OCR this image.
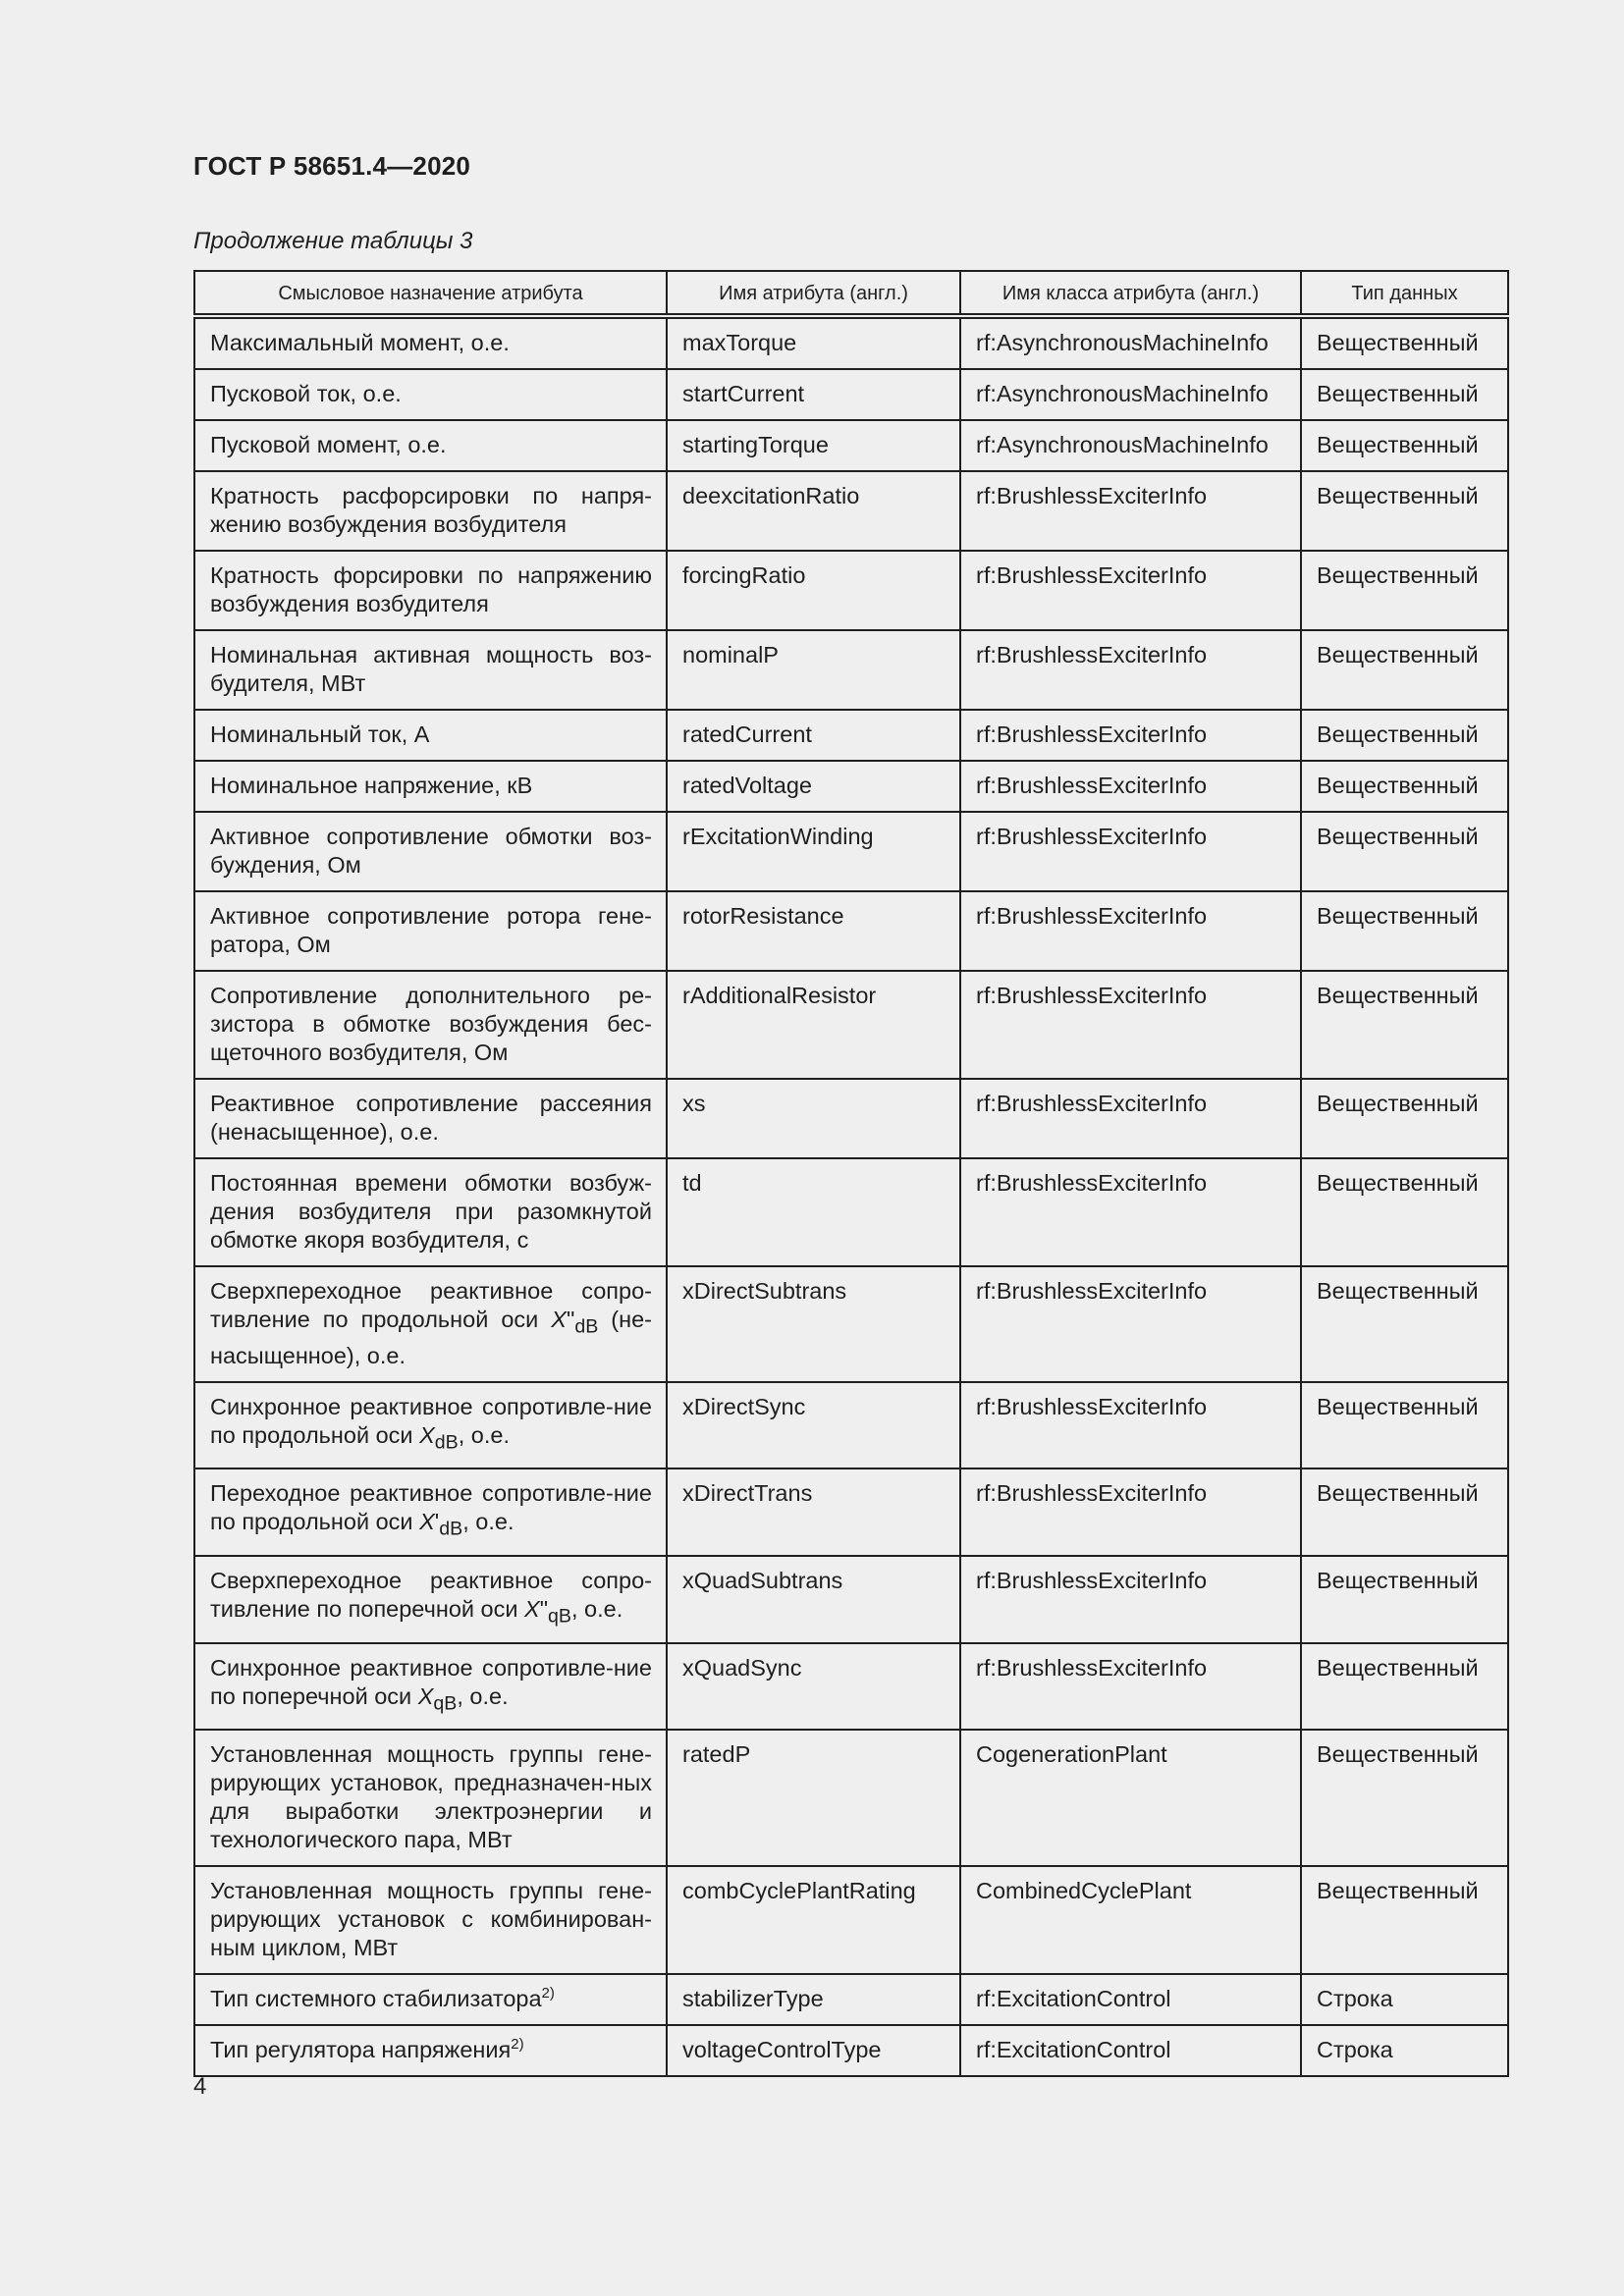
ГОСТ Р 58651.4—2020
Продолжение таблицы 3
Смысловое назначение атрибута	Имя атрибута (англ.)	Имя класса атрибута (англ.)	Тип данных
Максимальный момент, о.е.	maxTorque	rf:AsynchronousMachineInfo	Вещественный
Пусковой ток, о.е.	startCurrent	rf:AsynchronousMachineInfo	Вещественный
Пусковой момент, о.е.	startingTorque	rf:AsynchronousMachineInfo	Вещественный
Кратность расфорсировки по напря-жению возбуждения возбудителя	deexcitationRatio	rf:BrushlessExciterInfo	Вещественный
Кратность форсировки по напряжению возбуждения возбудителя	forcingRatio	rf:BrushlessExciterInfo	Вещественный
Номинальная активная мощность воз-будителя, МВт	nominalP	rf:BrushlessExciterInfo	Вещественный
Номинальный ток, А	ratedCurrent	rf:BrushlessExciterInfo	Вещественный
Номинальное напряжение, кВ	ratedVoltage	rf:BrushlessExciterInfo	Вещественный
Активное сопротивление обмотки воз-буждения, Ом	rExcitationWinding	rf:BrushlessExciterInfo	Вещественный
Активное сопротивление ротора гене-ратора, Ом	rotorResistance	rf:BrushlessExciterInfo	Вещественный
Сопротивление дополнительного ре-зистора в обмотке возбуждения бес-щеточного возбудителя, Ом	rAdditionalResistor	rf:BrushlessExciterInfo	Вещественный
Реактивное сопротивление рассеяния (ненасыщенное), о.е.	xs	rf:BrushlessExciterInfo	Вещественный
Постоянная времени обмотки возбуж-дения возбудителя при разомкнутой обмотке якоря возбудителя, с	td	rf:BrushlessExciterInfo	Вещественный
Сверхпереходное реактивное сопро-тивление по продольной оси $X"_{dВ}$ (не-насыщенное), о.е.	xDirectSubtrans	rf:BrushlessExciterInfo	Вещественный
Синхронное реактивное сопротивле-ние по продольной оси $X_{dВ}$, о.е.	xDirectSync	rf:BrushlessExciterInfo	Вещественный
Переходное реактивное сопротивле-ние по продольной оси $X'_{dВ}$, о.е.	xDirectTrans	rf:BrushlessExciterInfo	Вещественный
Сверхпереходное реактивное сопро-тивление по поперечной оси $X"_{qВ}$, о.е.	xQuadSubtrans	rf:BrushlessExciterInfo	Вещественный
Синхронное реактивное сопротивле-ние по поперечной оси $X_{qВ}$, о.е.	xQuadSync	rf:BrushlessExciterInfo	Вещественный
Установленная мощность группы гене-рирующих установок, предназначен-ных для выработки электроэнергии и технологического пара, МВт	ratedP	CogenerationPlant	Вещественный
Установленная мощность группы гене-рирующих установок с комбинирован-ным циклом, МВт	combCyclePlantRating	CombinedCyclePlant	Вещественный
Тип системного стабилизатора$^{2)}$	stabilizerType	rf:ExcitationControl	Строка
Тип регулятора напряжения$^{2)}$	voltageControlType	rf:ExcitationControl	Строка
4
